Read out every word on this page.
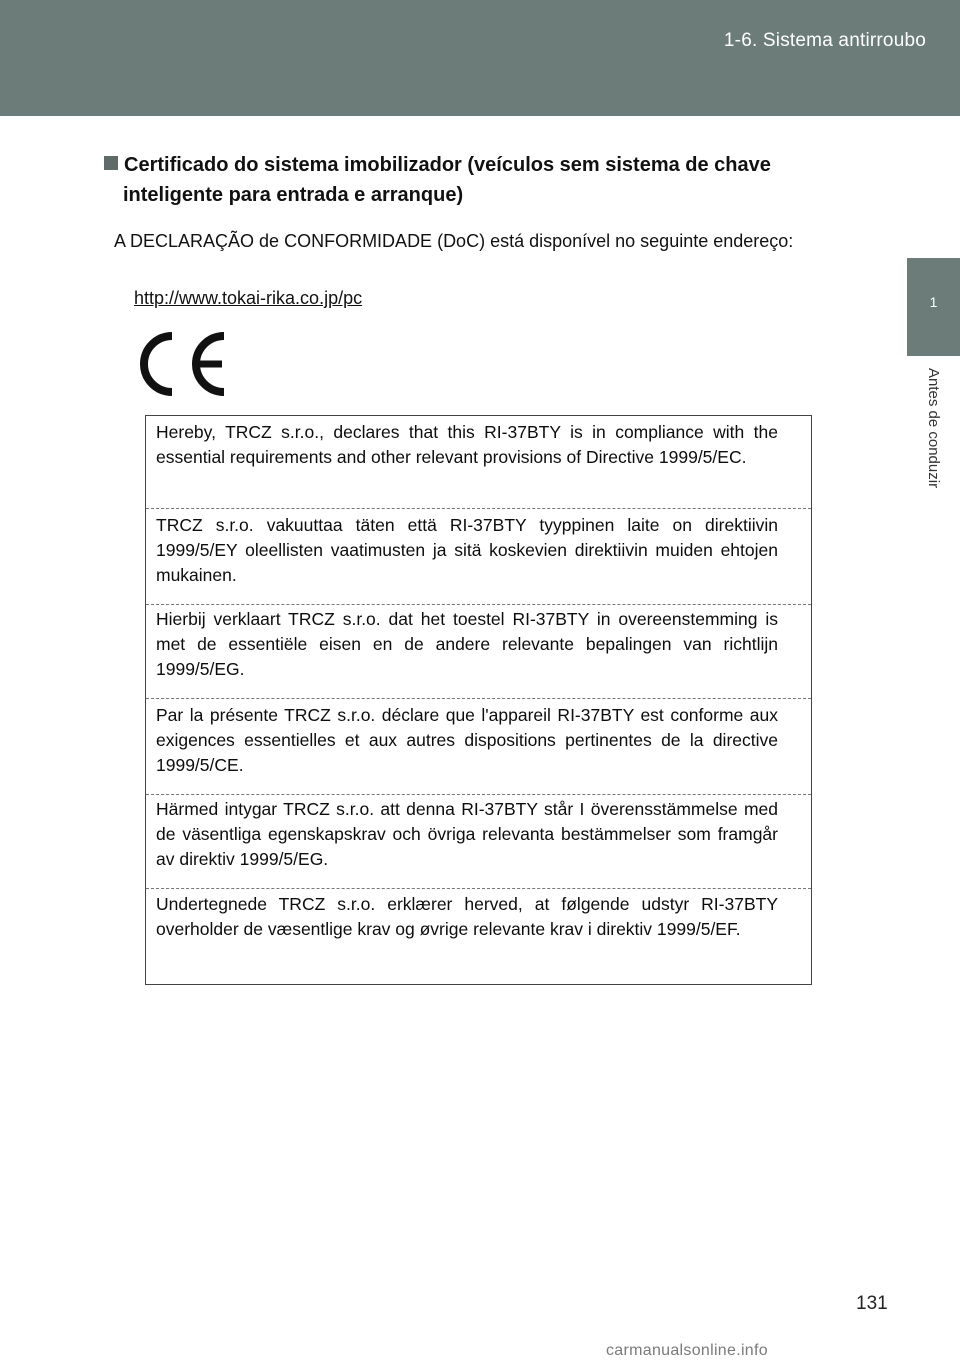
1-6. Sistema antirroubo
1
Antes de conduzir
Certificado do sistema imobilizador (veículos sem sistema de chave
inteligente para entrada e arranque)
A DECLARAÇÃO de CONFORMIDADE (DoC) está disponível no seguinte endereço:
http://www.tokai-rika.co.jp/pc
Hereby, TRCZ s.r.o., declares that this RI-37BTY is in compliance with the essential requirements and other relevant provisions of Directive 1999/5/EC.
TRCZ s.r.o. vakuuttaa täten että RI-37BTY tyyppinen laite on direktiivin 1999/5/EY oleellisten vaatimusten ja sitä koskevien direktiivin muiden ehtojen mukainen.
Hierbij verklaart TRCZ s.r.o. dat het toestel RI-37BTY in overeenstemming is met de essentiële eisen en de andere relevante bepalingen van richtlijn 1999/5/EG.
Par la présente TRCZ s.r.o. déclare que l'appareil RI-37BTY est conforme aux exigences essentielles et aux autres dispositions pertinentes de la directive 1999/5/CE.
Härmed intygar TRCZ s.r.o. att denna RI-37BTY står I överensstämmelse med de väsentliga egenskapskrav och övriga relevanta bestämmelser som framgår av direktiv 1999/5/EG.
Undertegnede TRCZ s.r.o. erklærer herved, at følgende udstyr RI-37BTY overholder de væsentlige krav og øvrige relevante krav i direktiv 1999/5/EF.
131
carmanualsonline.info
